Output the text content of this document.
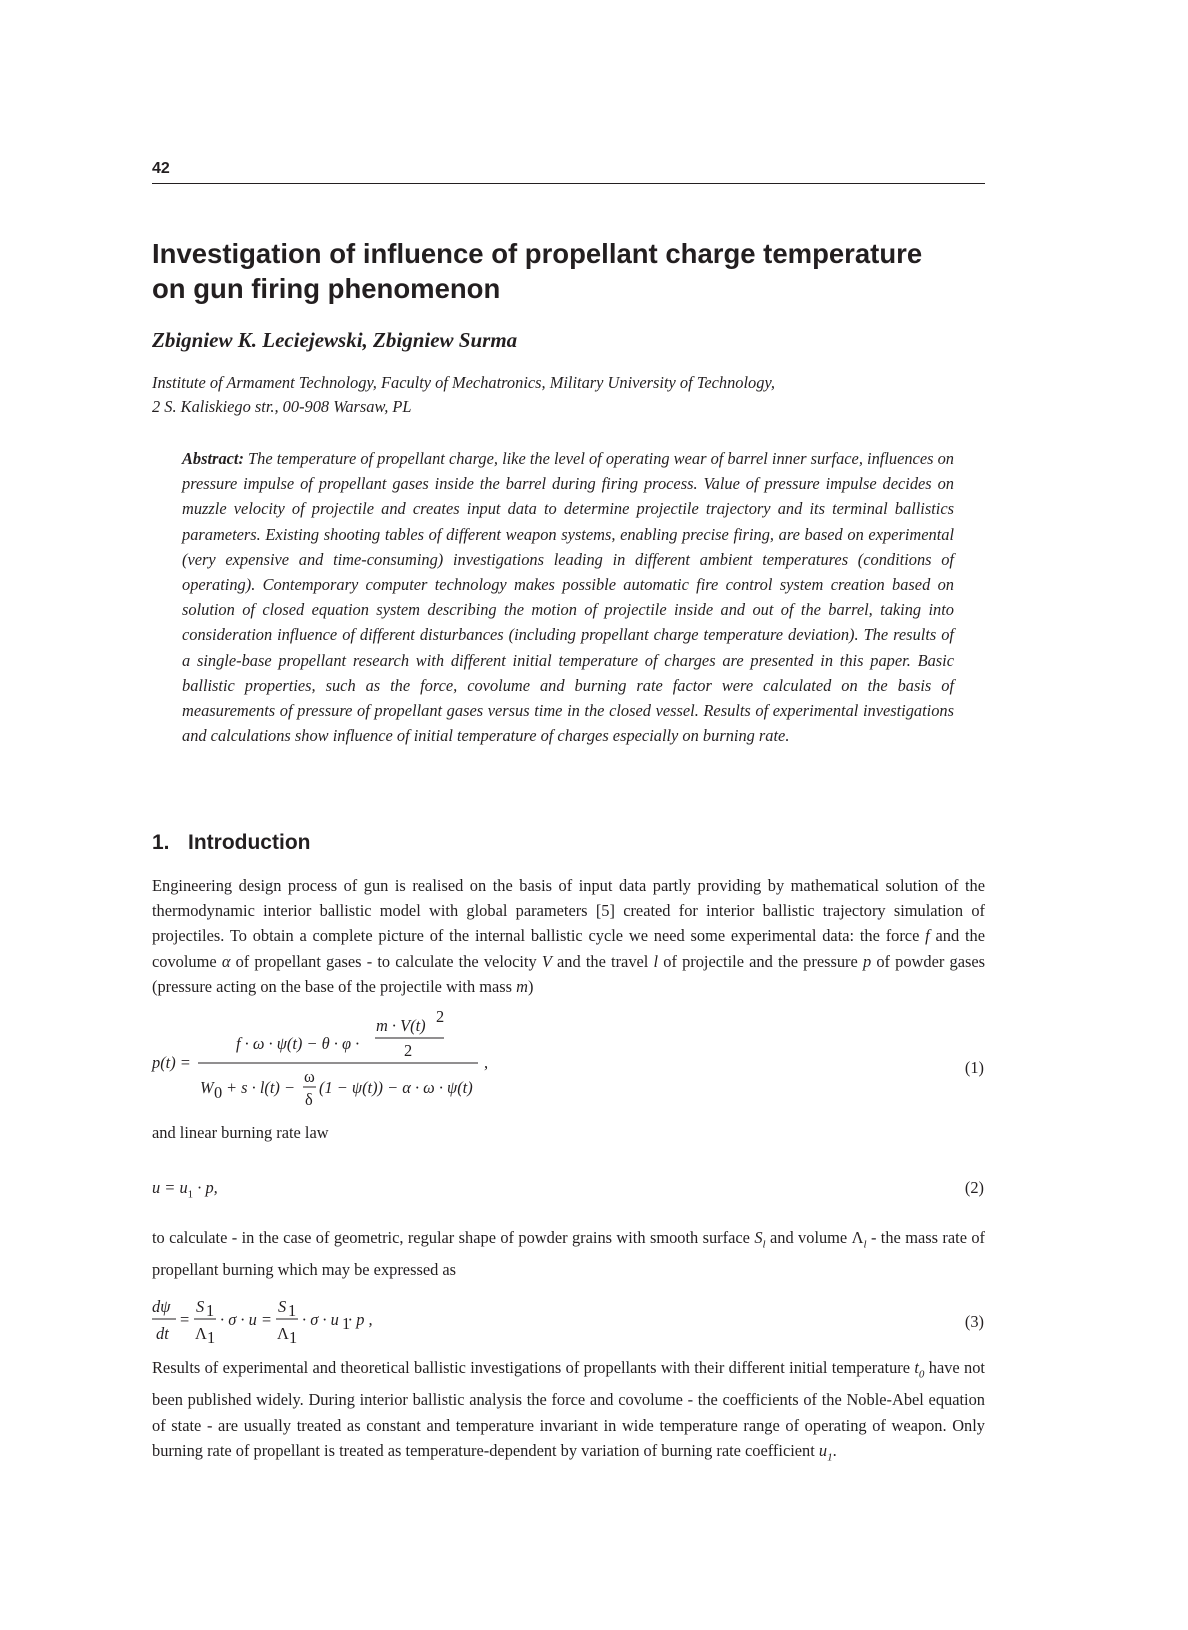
42
Investigation of influence of propellant charge temperature
on gun firing phenomenon

Zbigniew K. Leciejewski, Zbigniew Surma

Institute of Armament Technology, Faculty of Mechatronics, Military University of Technology,
2 S. Kaliskiego str., 00-908 Warsaw, PL
Abstract: The temperature of propellant charge, like the level of operating wear of barrel inner surface, influences on pressure impulse of propellant gases inside the barrel during firing process. Value of pressure impulse decides on muzzle velocity of projectile and creates input data to determine projectile trajectory and its terminal ballistics parameters. Existing shooting tables of different weapon systems, enabling precise firing, are based on experimental (very expensive and time-consuming) investigations leading in different ambient temperatures (conditions of operating). Contemporary computer technology makes possible automatic fire control system creation based on solution of closed equation system describing the motion of projectile inside and out of the barrel, taking into consideration influence of different disturbances (including propellant charge temperature deviation). The results of a single-base propellant research with different initial temperature of charges are presented in this paper. Basic ballistic properties, such as the force, covolume and burning rate factor were calculated on the basis of measurements of pressure of propellant gases versus time in the closed vessel. Results of experimental investigations and calculations show influence of initial temperature of charges especially on burning rate.
1. Introduction

Engineering design process of gun is realised on the basis of input data partly providing by mathematical solution of the thermodynamic interior ballistic model with global parameters [5] created for interior ballistic trajectory simulation of projectiles. To obtain a complete picture of the internal ballistic cycle we need some experimental data: the force f and the covolume α of propellant gases - to calculate the velocity V and the travel l of projectile and the pressure p of powder gases (pressure acting on the base of the projectile with mass m)

p(t) =
f · ω · ψ(t) − θ · φ ·
m · V(t) 2
2
W 0 + s · l(t) −
ω
δ
(1 − ψ(t)) − α · ω · ψ(t)
,	(1)

and linear burning rate law

$u = u_1 \cdot p$,	(2)

to calculate - in the case of geometric, regular shape of powder grains with smooth surface $S_l$ and volume $\Lambda_l$ - the mass rate of propellant burning which may be expressed as

dψ
dt
=
S 1
Λ 1
· σ · u =
S 1
Λ 1
· σ · u 1
· p ,	(3)

Results of experimental and theoretical ballistic investigations of propellants with their different initial temperature $t_0$ have not been published widely. During interior ballistic analysis the force and covolume - the coefficients of the Noble-Abel equation of state - are usually treated as constant and temperature invariant in wide temperature range of operating of weapon. Only burning rate of propellant is treated as temperature-dependent by variation of burning rate coefficient $u_1$.
